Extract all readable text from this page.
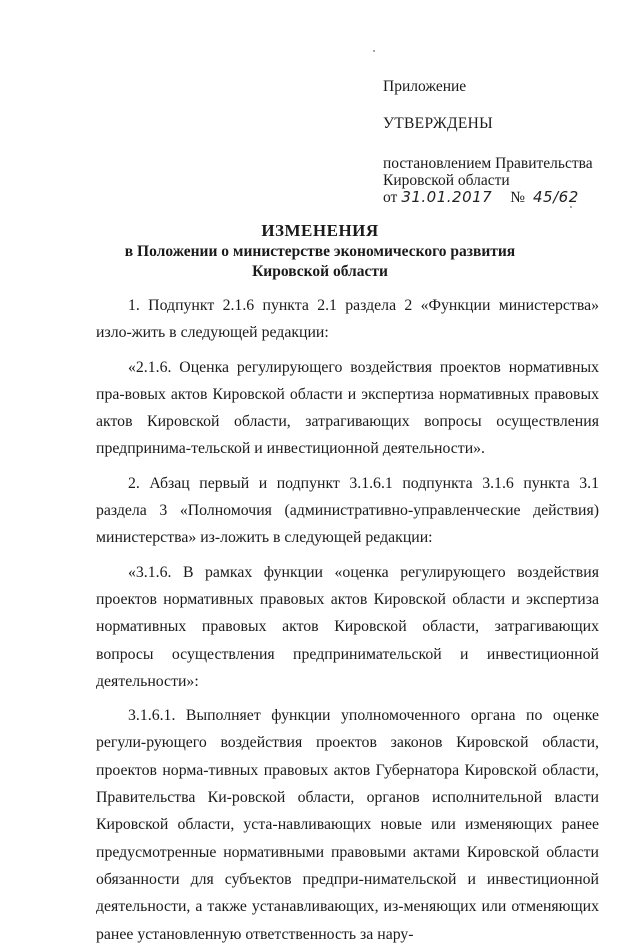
Приложение

УТВЕРЖДЕНЫ

постановлением Правительства

Кировской области

от 31.01.2017 № 45/62

ИЗМЕНЕНИЯ

в Положении о министерстве экономического развития

Кировской области

1. Подпункт 2.1.6 пункта 2.1 раздела 2 «Функции министерства» изло-жить в следующей редакции:

«2.1.6. Оценка регулирующего воздействия проектов нормативных пра-вовых актов Кировской области и экспертиза нормативных правовых актов Кировской области, затрагивающих вопросы осуществления предпринима-тельской и инвестиционной деятельности».

2. Абзац первый и подпункт 3.1.6.1 подпункта 3.1.6 пункта 3.1 раздела 3 «Полномочия (административно-управленческие действия) министерства» из-ложить в следующей редакции:

«3.1.6. В рамках функции «оценка регулирующего воздействия проектов нормативных правовых актов Кировской области и экспертиза нормативных правовых актов Кировской области, затрагивающих вопросы осуществления предпринимательской и инвестиционной деятельности»:

3.1.6.1. Выполняет функции уполномоченного органа по оценке регули-рующего воздействия проектов законов Кировской области, проектов норма-тивных правовых актов Губернатора Кировской области, Правительства Ки-ровской области, органов исполнительной власти Кировской области, уста-навливающих новые или изменяющих ранее предусмотренные нормативными правовыми актами Кировской области обязанности для субъектов предпри-нимательской и инвестиционной деятельности, а также устанавливающих, из-меняющих или отменяющих ранее установленную ответственность за нару-
